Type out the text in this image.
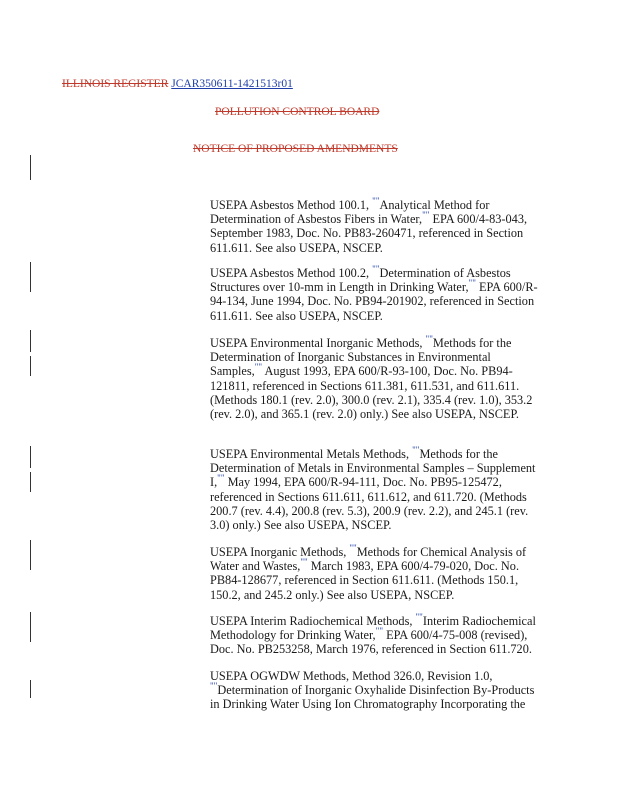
ILLINOIS REGISTER JCAR350611-1421513r01
POLLUTION CONTROL BOARD
NOTICE OF PROPOSED AMENDMENTS

USEPA Asbestos Method 100.1, ""Analytical Method for Determination of Asbestos Fibers in Water,"" EPA 600/4-83-043, September 1983, Doc. No. PB83-260471, referenced in Section 611.611. See also USEPA, NSCEP.

USEPA Asbestos Method 100.2, ""Determination of Asbestos Structures over 10-mm in Length in Drinking Water,"" EPA 600/R-94-134, June 1994, Doc. No. PB94-201902, referenced in Section 611.611. See also USEPA, NSCEP.

USEPA Environmental Inorganic Methods, ""Methods for the Determination of Inorganic Substances in Environmental Samples,"" August 1993, EPA 600/R-93-100, Doc. No. PB94-121811, referenced in Sections 611.381, 611.531, and 611.611. (Methods 180.1 (rev. 2.0), 300.0 (rev. 2.1), 335.4 (rev. 1.0), 353.2 (rev. 2.0), and 365.1 (rev. 2.0) only.) See also USEPA, NSCEP.

USEPA Environmental Metals Methods, ""Methods for the Determination of Metals in Environmental Samples – Supplement I,"" May 1994, EPA 600/R-94-111, Doc. No. PB95-125472, referenced in Sections 611.611, 611.612, and 611.720. (Methods 200.7 (rev. 4.4), 200.8 (rev. 5.3), 200.9 (rev. 2.2), and 245.1 (rev. 3.0) only.) See also USEPA, NSCEP.

USEPA Inorganic Methods, ""Methods for Chemical Analysis of Water and Wastes,"" March 1983, EPA 600/4-79-020, Doc. No. PB84-128677, referenced in Section 611.611. (Methods 150.1, 150.2, and 245.2 only.) See also USEPA, NSCEP.

USEPA Interim Radiochemical Methods, ""Interim Radiochemical Methodology for Drinking Water,"" EPA 600/4-75-008 (revised), Doc. No. PB253258, March 1976, referenced in Section 611.720.

USEPA OGWDW Methods, Method 326.0, Revision 1.0, ""Determination of Inorganic Oxyhalide Disinfection By-Products in Drinking Water Using Ion Chromatography Incorporating the
